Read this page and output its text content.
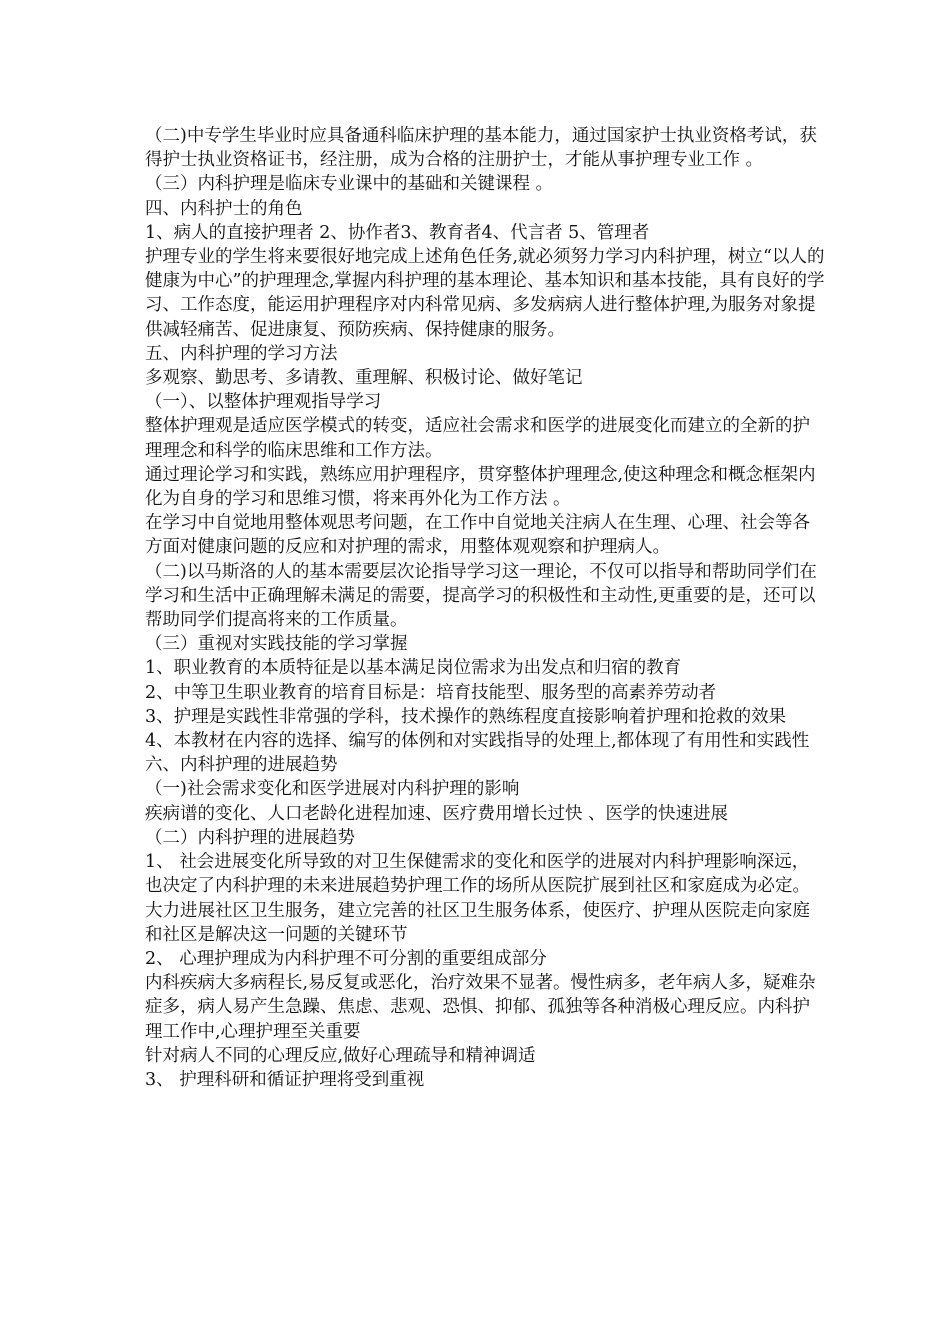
（二)中专学生毕业时应具备通科临床护理的基本能力，通过国家护士执业资格考试，获得护士执业资格证书，经注册，成为合格的注册护士，才能从事护理专业工作 。

（三）内科护理是临床专业课中的基础和关键课程 。

四、内科护士的角色

1、病人的直接护理者 2、协作者3、教育者4、代言者 5、管理者

护理专业的学生将来要很好地完成上述角色任务,就必须努力学习内科护理，树立“以人的健康为中心”的护理理念,掌握内科护理的基本理论、基本知识和基本技能，具有良好的学习、工作态度，能运用护理程序对内科常见病、多发病病人进行整体护理,为服务对象提供减轻痛苦、促进康复、预防疾病、保持健康的服务。

五、内科护理的学习方法

多观察、勤思考、多请教、重理解、积极讨论、做好笔记

（一）、以整体护理观指导学习

整体护理观是适应医学模式的转变，适应社会需求和医学的进展变化而建立的全新的护理理念和科学的临床思维和工作方法。

通过理论学习和实践，熟练应用护理程序，贯穿整体护理理念,使这种理念和概念框架内化为自身的学习和思维习惯，将来再外化为工作方法 。

在学习中自觉地用整体观思考问题，在工作中自觉地关注病人在生理、心理、社会等各方面对健康问题的反应和对护理的需求，用整体观观察和护理病人。

（二)以马斯洛的人的基本需要层次论指导学习这一理论，不仅可以指导和帮助同学们在学习和生活中正确理解未满足的需要，提高学习的积极性和主动性,更重要的是，还可以帮助同学们提高将来的工作质量。

（三）重视对实践技能的学习掌握

1、职业教育的本质特征是以基本满足岗位需求为出发点和归宿的教育

2、中等卫生职业教育的培育目标是：培育技能型、服务型的高素养劳动者

3、护理是实践性非常强的学科，技术操作的熟练程度直接影响着护理和抢救的效果

4、本教材在内容的选择、编写的体例和对实践指导的处理上,都体现了有用性和实践性

六、内科护理的进展趋势

（一)社会需求变化和医学进展对内科护理的影响

疾病谱的变化、人口老龄化进程加速、医疗费用增长过快 、医学的快速进展

（二）内科护理的进展趋势

1、 社会进展变化所导致的对卫生保健需求的变化和医学的进展对内科护理影响深远，也决定了内科护理的未来进展趋势护理工作的场所从医院扩展到社区和家庭成为必定。大力进展社区卫生服务，建立完善的社区卫生服务体系，使医疗、护理从医院走向家庭和社区是解决这一问题的关键环节

2、 心理护理成为内科护理不可分割的重要组成部分

内科疾病大多病程长,易反复或恶化，治疗效果不显著。慢性病多，老年病人多，疑难杂症多，病人易产生急躁、焦虑、悲观、恐惧、抑郁、孤独等各种消极心理反应。内科护理工作中,心理护理至关重要

针对病人不同的心理反应,做好心理疏导和精神调适

3、 护理科研和循证护理将受到重视
